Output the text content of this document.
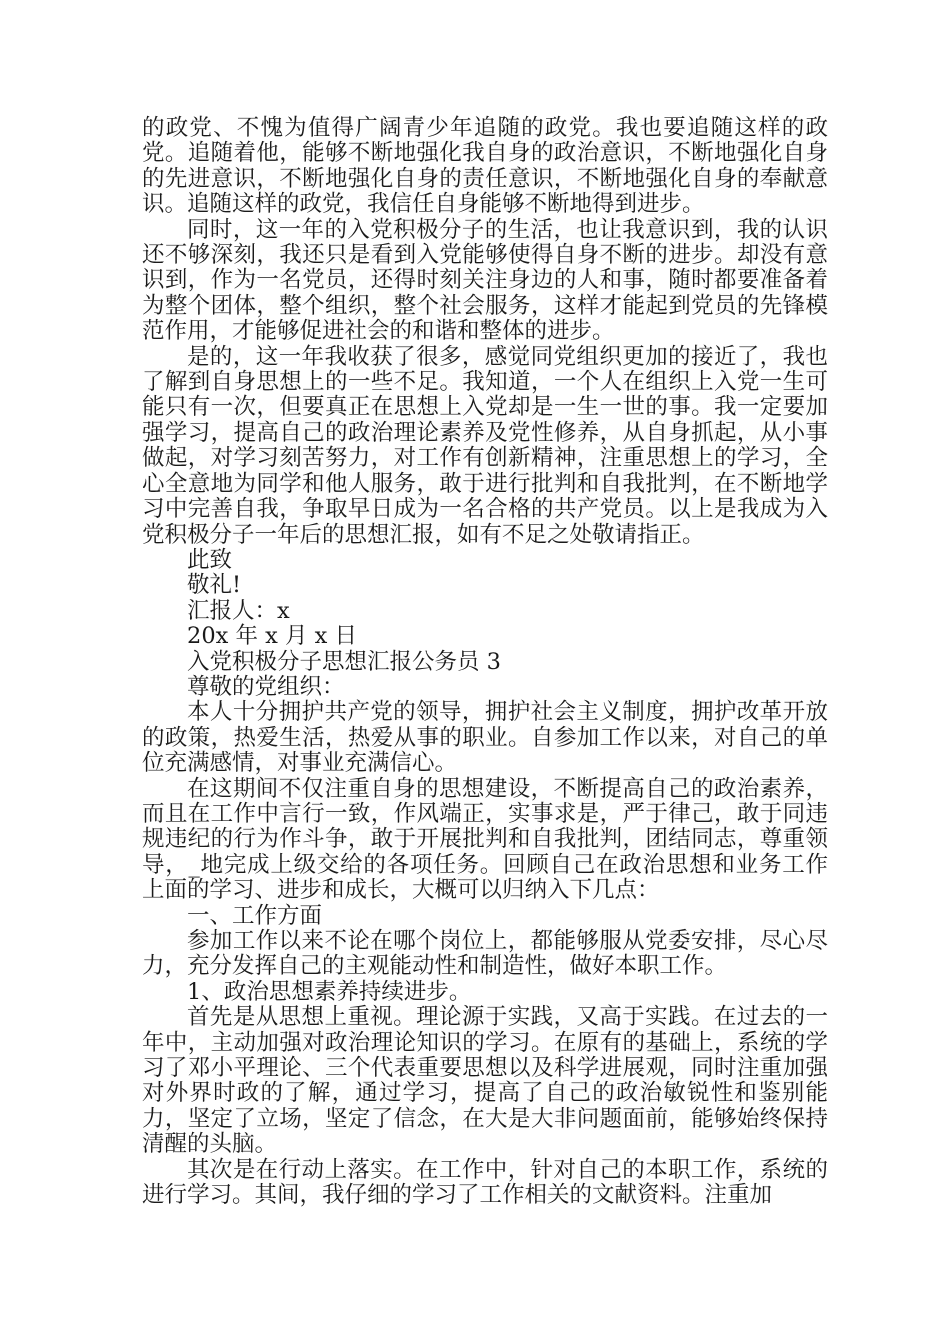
的政党、不愧为值得广阔青少年追随的政党。我也要追随这样的政党。追随着他，能够不断地强化我自身的政治意识，不断地强化自身的先进意识，不断地强化自身的责任意识，不断地强化自身的奉献意识。追随这样的政党，我信任自身能够不断地得到进步。

同时，这一年的入党积极分子的生活，也让我意识到，我的认识还不够深刻，我还只是看到入党能够使得自身不断的进步。却没有意识到，作为一名党员，还得时刻关注身边的人和事，随时都要准备着为整个团体，整个组织，整个社会服务，这样才能起到党员的先锋模范作用，才能够促进社会的和谐和整体的进步。

是的，这一年我收获了很多，感觉同党组织更加的接近了，我也了解到自身思想上的一些不足。我知道，一个人在组织上入党一生可能只有一次，但要真正在思想上入党却是一生一世的事。我一定要加强学习，提高自己的政治理论素养及党性修养，从自身抓起，从小事做起，对学习刻苦努力，对工作有创新精神，注重思想上的学习，全心全意地为同学和他人服务，敢于进行批判和自我批判，在不断地学习中完善自我，争取早日成为一名合格的共产党员。以上是我成为入党积极分子一年后的思想汇报，如有不足之处敬请指正。

此致

敬礼!

汇报人：x

20x 年 x 月 x 日

入党积极分子思想汇报公务员 3

尊敬的党组织：

本人十分拥护共产党的领导，拥护社会主义制度，拥护改革开放的政策，热爱生活，热爱从事的职业。自参加工作以来，对自己的单位充满感情，对事业充满信心。

在这期间不仅注重自身的思想建设，不断提高自己的政治素养，而且在工作中言行一致，作风端正，实事求是，严于律己，敢于同违规违纪的行为作斗争，敢于开展批判和自我批判，团结同志，尊重领导，_地完成上级交给的各项任务。回顾自己在政治思想和业务工作上面的学习、进步和成长，大概可以归纳入下几点：

一、工作方面

参加工作以来不论在哪个岗位上，都能够服从党委安排，尽心尽力，充分发挥自己的主观能动性和制造性，做好本职工作。

1、政治思想素养持续进步。

首先是从思想上重视。理论源于实践，又高于实践。在过去的一年中，主动加强对政治理论知识的学习。在原有的基础上，系统的学习了邓小平理论、三个代表重要思想以及科学进展观，同时注重加强对外界时政的了解，通过学习，提高了自己的政治敏锐性和鉴别能力，坚定了立场，坚定了信念，在大是大非问题面前，能够始终保持清醒的头脑。

其次是在行动上落实。在工作中，针对自己的本职工作，系统的进行学习。其间，我仔细的学习了工作相关的文献资料。注重加
